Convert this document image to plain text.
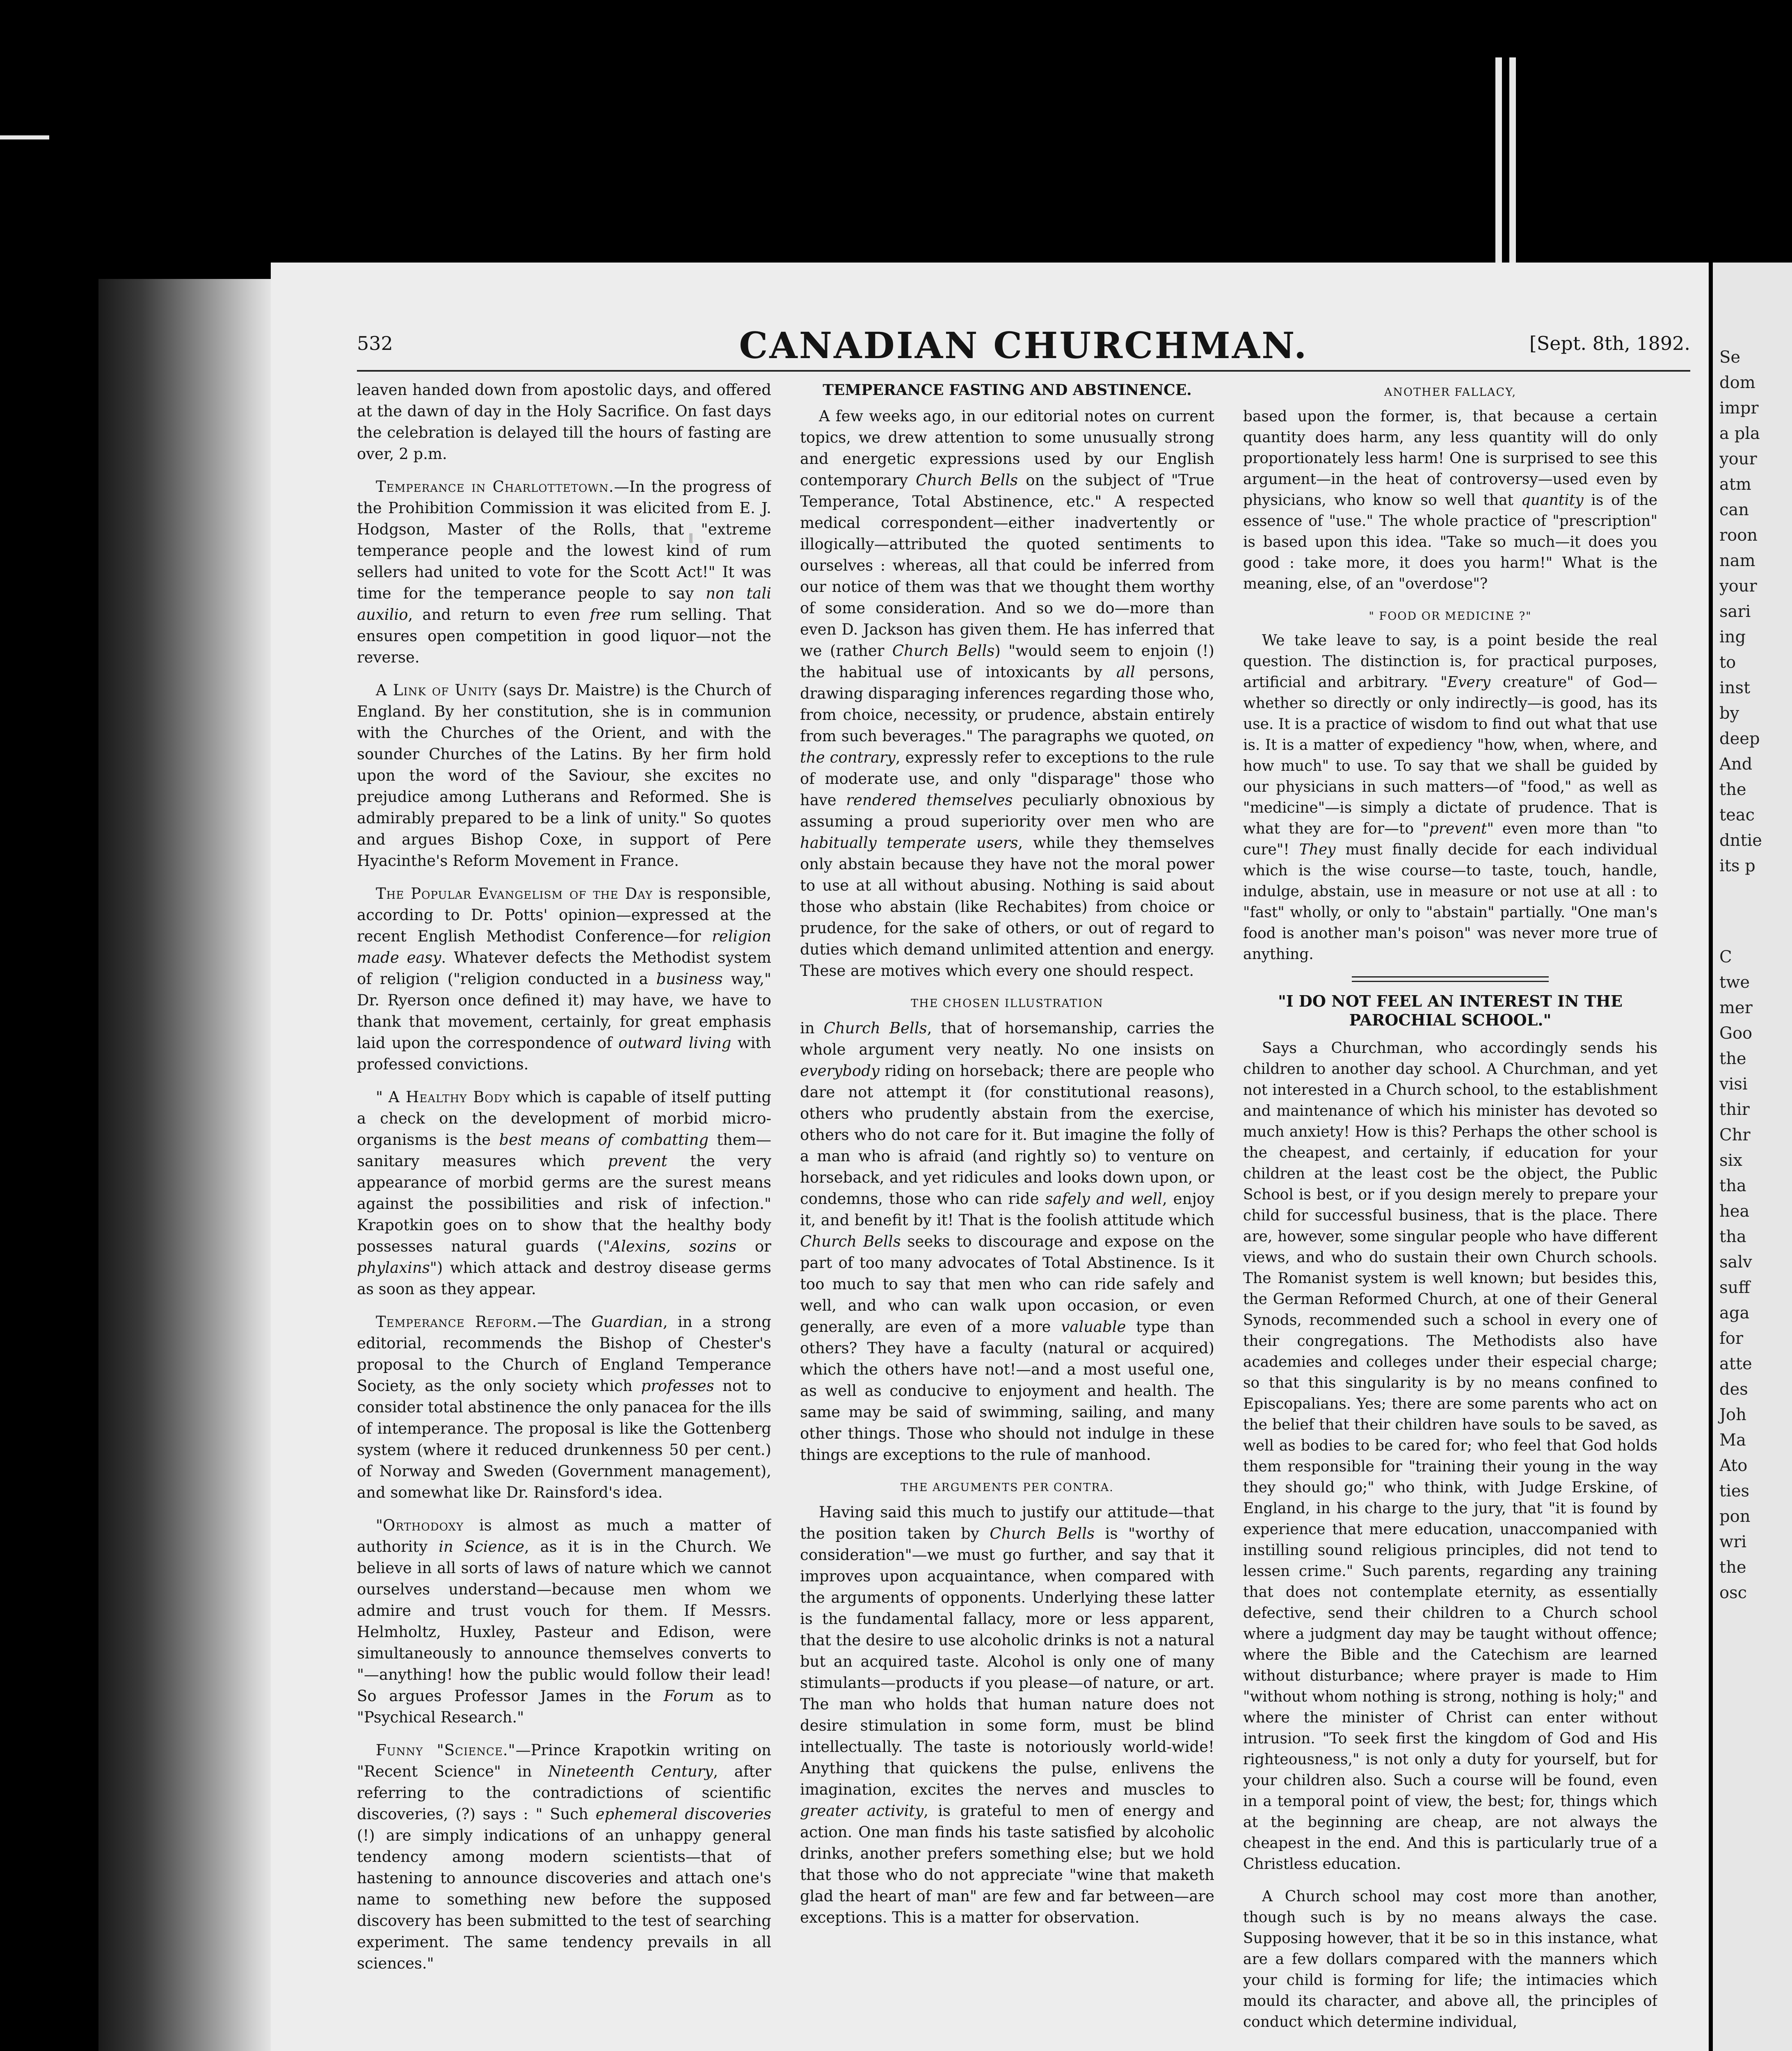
Se
dom
impr
a pla
your
atm
can
roon
nam
your
sari
ing
to
inst
by
deep
And
the
teac
dntie
its p
C
twe
mer
Goo
the
visi
thir
Chr
six
tha
hea
tha
salv
suff
aga
for
atte
des
Joh
Ma
Ato
ties
pon
wri
the
osc
532	CANADIAN CHURCHMAN.	[Sept. 8th, 1892.

leaven handed down from apostolic days, and offered at the dawn of day in the Holy Sacrifice. On fast days the celebration is delayed till the hours of fasting are over, 2 p.m.

Temperance in Charlottetown.—In the progress of the Prohibition Commission it was elicited from E. J. Hodgson, Master of the Rolls, that "extreme temperance people and the lowest kind of rum sellers had united to vote for the Scott Act!" It was time for the temperance people to say non tali auxilio, and return to even free rum selling. That ensures open competition in good liquor—not the reverse.

A Link of Unity (says Dr. Maistre) is the Church of England. By her constitution, she is in communion with the Churches of the Orient, and with the sounder Churches of the Latins. By her firm hold upon the word of the Saviour, she excites no prejudice among Lutherans and Reformed. She is admirably prepared to be a link of unity." So quotes and argues Bishop Coxe, in support of Pere Hyacinthe's Reform Movement in France.

The Popular Evangelism of the Day is responsible, according to Dr. Potts' opinion—expressed at the recent English Methodist Conference—for religion made easy. Whatever defects the Methodist system of religion ("religion conducted in a business way," Dr. Ryerson once defined it) may have, we have to thank that movement, certainly, for great emphasis laid upon the correspondence of outward living with professed convictions.

" A Healthy Body which is capable of itself putting a check on the development of morbid micro-organisms is the best means of combatting them—sanitary measures which prevent the very appearance of morbid germs are the surest means against the possibilities and risk of infection." Krapotkin goes on to show that the healthy body possesses natural guards ("Alexins, sozins or phylaxins") which attack and destroy disease germs as soon as they appear.

Temperance Reform.—The Guardian, in a strong editorial, recommends the Bishop of Chester's proposal to the Church of England Temperance Society, as the only society which professes not to consider total abstinence the only panacea for the ills of intemperance. The proposal is like the Gottenberg system (where it reduced drunkenness 50 per cent.) of Norway and Sweden (Government management), and somewhat like Dr. Rainsford's idea.

"Orthodoxy is almost as much a matter of authority in Science, as it is in the Church. We believe in all sorts of laws of nature which we cannot ourselves understand—because men whom we admire and trust vouch for them. If Messrs. Helmholtz, Huxley, Pasteur and Edison, were simultaneously to announce themselves converts to "—anything! how the public would follow their lead! So argues Professor James in the Forum as to "Psychical Research."

Funny "Science."—Prince Krapotkin writing on "Recent Science" in Nineteenth Century, after referring to the contradictions of scientific discoveries, (?) says : " Such ephemeral discoveries (!) are simply indications of an unhappy general tendency among modern scientists—that of hastening to announce discoveries and attach one's name to something new before the supposed discovery has been submitted to the test of searching experiment. The same tendency prevails in all sciences."

TEMPERANCE FASTING AND ABSTINENCE.

A few weeks ago, in our editorial notes on current topics, we drew attention to some unusually strong and energetic expressions used by our English contemporary Church Bells on the subject of "True Temperance, Total Abstinence, etc." A respected medical correspondent—either inadvertently or illogically—attributed the quoted sentiments to ourselves : whereas, all that could be inferred from our notice of them was that we thought them worthy of some consideration. And so we do—more than even D. Jackson has given them. He has inferred that we (rather Church Bells) "would seem to enjoin (!) the habitual use of intoxicants by all persons, drawing disparaging inferences regarding those who, from choice, necessity, or prudence, abstain entirely from such beverages." The paragraphs we quoted, on the contrary, expressly refer to exceptions to the rule of moderate use, and only "disparage" those who have rendered themselves peculiarly obnoxious by assuming a proud superiority over men who are habitually temperate users, while they themselves only abstain because they have not the moral power to use at all without abusing. Nothing is said about those who abstain (like Rechabites) from choice or prudence, for the sake of others, or out of regard to duties which demand unlimited attention and energy. These are motives which every one should respect.

THE CHOSEN ILLUSTRATION

in Church Bells, that of horsemanship, carries the whole argument very neatly. No one insists on everybody riding on horseback; there are people who dare not attempt it (for constitutional reasons), others who prudently abstain from the exercise, others who do not care for it. But imagine the folly of a man who is afraid (and rightly so) to venture on horseback, and yet ridicules and looks down upon, or condemns, those who can ride safely and well, enjoy it, and benefit by it! That is the foolish attitude which Church Bells seeks to discourage and expose on the part of too many advocates of Total Abstinence. Is it too much to say that men who can ride safely and well, and who can walk upon occasion, or even generally, are even of a more valuable type than others? They have a faculty (natural or acquired) which the others have not!—and a most useful one, as well as conducive to enjoyment and health. The same may be said of swimming, sailing, and many other things. Those who should not indulge in these things are exceptions to the rule of manhood.

THE ARGUMENTS PER CONTRA.

Having said this much to justify our attitude—that the position taken by Church Bells is "worthy of consideration"—we must go further, and say that it improves upon acquaintance, when compared with the arguments of opponents. Underlying these latter is the fundamental fallacy, more or less apparent, that the desire to use alcoholic drinks is not a natural but an acquired taste. Alcohol is only one of many stimulants—products if you please—of nature, or art. The man who holds that human nature does not desire stimulation in some form, must be blind intellectually. The taste is notoriously world-wide! Anything that quickens the pulse, enlivens the imagination, excites the nerves and muscles to greater activity, is grateful to men of energy and action. One man finds his taste satisfied by alcoholic drinks, another prefers something else; but we hold that those who do not appreciate "wine that maketh glad the heart of man" are few and far between—are exceptions. This is a matter for observation.

ANOTHER FALLACY,

based upon the former, is, that because a certain quantity does harm, any less quantity will do only proportionately less harm! One is surprised to see this argument—in the heat of controversy—used even by physicians, who know so well that quantity is of the essence of "use." The whole practice of "prescription" is based upon this idea. "Take so much—it does you good : take more, it does you harm!" What is the meaning, else, of an "overdose"?

" FOOD OR MEDICINE ?"

We take leave to say, is a point beside the real question. The distinction is, for practical purposes, artificial and arbitrary. "Every creature" of God—whether so directly or only indirectly—is good, has its use. It is a practice of wisdom to find out what that use is. It is a matter of expediency "how, when, where, and how much" to use. To say that we shall be guided by our physicians in such matters—of "food," as well as "medicine"—is simply a dictate of prudence. That is what they are for—to "prevent" even more than "to cure"! They must finally decide for each individual which is the wise course—to taste, touch, handle, indulge, abstain, use in measure or not use at all : to "fast" wholly, or only to "abstain" partially. "One man's food is another man's poison" was never more true of anything.

"I DO NOT FEEL AN INTEREST IN THE PAROCHIAL SCHOOL."

Says a Churchman, who accordingly sends his children to another day school. A Churchman, and yet not interested in a Church school, to the establishment and maintenance of which his minister has devoted so much anxiety! How is this? Perhaps the other school is the cheapest, and certainly, if education for your children at the least cost be the object, the Public School is best, or if you design merely to prepare your child for successful business, that is the place. There are, however, some singular people who have different views, and who do sustain their own Church schools. The Romanist system is well known; but besides this, the German Reformed Church, at one of their General Synods, recommended such a school in every one of their congregations. The Methodists also have academies and colleges under their especial charge; so that this singularity is by no means confined to Episcopalians. Yes; there are some parents who act on the belief that their children have souls to be saved, as well as bodies to be cared for; who feel that God holds them responsible for "training their young in the way they should go;" who think, with Judge Erskine, of England, in his charge to the jury, that "it is found by experience that mere education, unaccompanied with instilling sound religious principles, did not tend to lessen crime." Such parents, regarding any training that does not contemplate eternity, as essentially defective, send their children to a Church school where a judgment day may be taught without offence; where the Bible and the Catechism are learned without disturbance; where prayer is made to Him "without whom nothing is strong, nothing is holy;" and where the minister of Christ can enter without intrusion. "To seek first the kingdom of God and His righteousness," is not only a duty for yourself, but for your children also. Such a course will be found, even in a temporal point of view, the best; for, things which at the beginning are cheap, are not always the cheapest in the end. And this is particularly true of a Christless education.

A Church school may cost more than another, though such is by no means always the case. Supposing however, that it be so in this instance, what are a few dollars compared with the manners which your child is forming for life; the intimacies which mould its character, and above all, the principles of conduct which determine individual,
